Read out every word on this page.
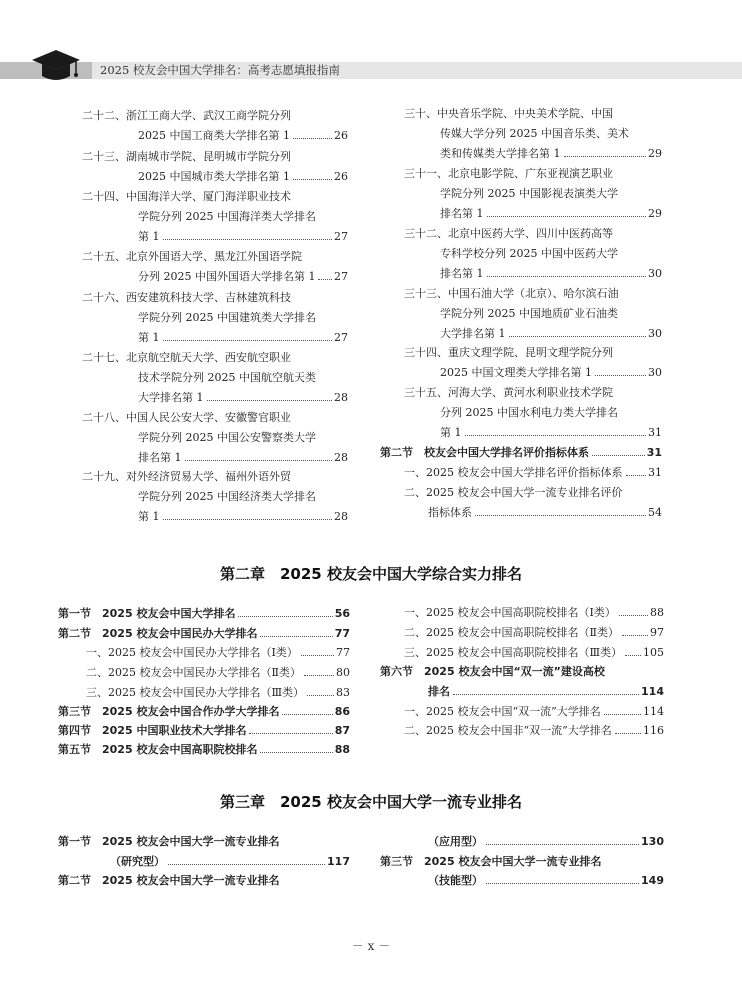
2025 校友会中国大学排名：高考志愿填报指南
二十二、浙江工商大学、武汉工商学院分列
2025 中国工商类大学排名第 1	26
二十三、湖南城市学院、昆明城市学院分列
2025 中国城市类大学排名第 1	26
二十四、中国海洋大学、厦门海洋职业技术
学院分列 2025 中国海洋类大学排名
第 1	27
二十五、北京外国语大学、黑龙江外国语学院
分列 2025 中国外国语大学排名第 1 27
二十六、西安建筑科技大学、吉林建筑科技
学院分列 2025 中国建筑类大学排名
第 1	27
二十七、北京航空航天大学、西安航空职业
技术学院分列 2025 中国航空航天类
大学排名第 1	28
二十八、中国人民公安大学、安徽警官职业
学院分列 2025 中国公安警察类大学
排名第 1	28
二十九、对外经济贸易大学、福州外语外贸
学院分列 2025 中国经济类大学排名
第 1	28
三十、中央音乐学院、中央美术学院、中国
传媒大学分列 2025 中国音乐类、美术
类和传媒类大学排名第 1	29
三十一、北京电影学院、广东亚视演艺职业
学院分列 2025 中国影视表演类大学
排名第 1	29
三十二、北京中医药大学、四川中医药高等
专科学校分列 2025 中国中医药大学
排名第 1	30
三十三、中国石油大学（北京）、哈尔滨石油
学院分列 2025 中国地质矿业石油类
大学排名第 1	30
三十四、重庆文理学院、昆明文理学院分列
2025 中国文理类大学排名第 1	30
三十五、河海大学、黄河水利职业技术学院
分列 2025 中国水利电力类大学排名
第 1	31
第二节　校友会中国大学排名评价指标体系	31
一、2025 校友会中国大学排名评价指标体系 31
二、2025 校友会中国大学一流专业排名评价
指标体系	54
第二章　2025 校友会中国大学综合实力排名
第一节　2025 校友会中国大学排名	56
第二节　2025 校友会中国民办大学排名	77
一、2025 校友会中国民办大学排名（Ⅰ类）	77
二、2025 校友会中国民办大学排名（Ⅱ类）	80
三、2025 校友会中国民办大学排名（Ⅲ类）	83
第三节　2025 校友会中国合作办学大学排名	86
第四节　2025 中国职业技术大学排名	87
第五节　2025 校友会中国高职院校排名	88
一、2025 校友会中国高职院校排名（Ⅰ类）	88
二、2025 校友会中国高职院校排名（Ⅱ类）	97
三、2025 校友会中国高职院校排名（Ⅲ类） 105
第六节　2025 校友会中国“双一流”建设高校
排名	114
一、2025 校友会中国“双一流”大学排名	114
二、2025 校友会中国非“双一流”大学排名	116
第三章　2025 校友会中国大学一流专业排名
第一节　2025 校友会中国大学一流专业排名
（研究型）	117
第二节　2025 校友会中国大学一流专业排名
（应用型）	130
第三节　2025 校友会中国大学一流专业排名
（技能型）	149
－ x －
